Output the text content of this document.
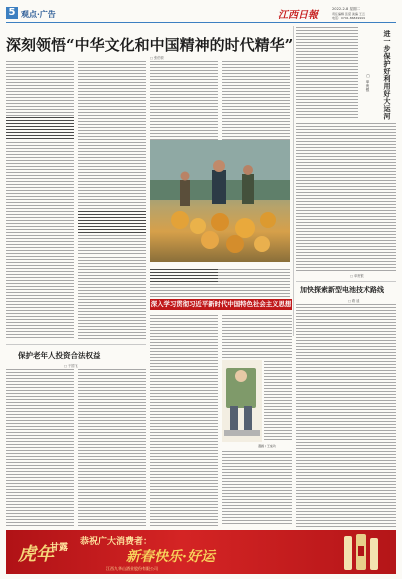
5 观点·广告	江西日報
2022-2-8 星期二
责任编辑 张滢 美编 王云
电话：0791-86849999
深刻领悟“中华文化和中国精神的时代精华”
□ 张伯顿
深入学习贯彻习近平新时代中国特色社会主义思想
进一步保护好利用好大运河
□ 单贵银
□ 单贵银
加快探索新型电池技术路线
□ 路 遥
保护老年人投资合法权益
□ 于国飞
漫画 / 王成功
虎年
甘露
恭祝广大消费者：
新春快乐·好运
江西九华山酒业股份有限公司
